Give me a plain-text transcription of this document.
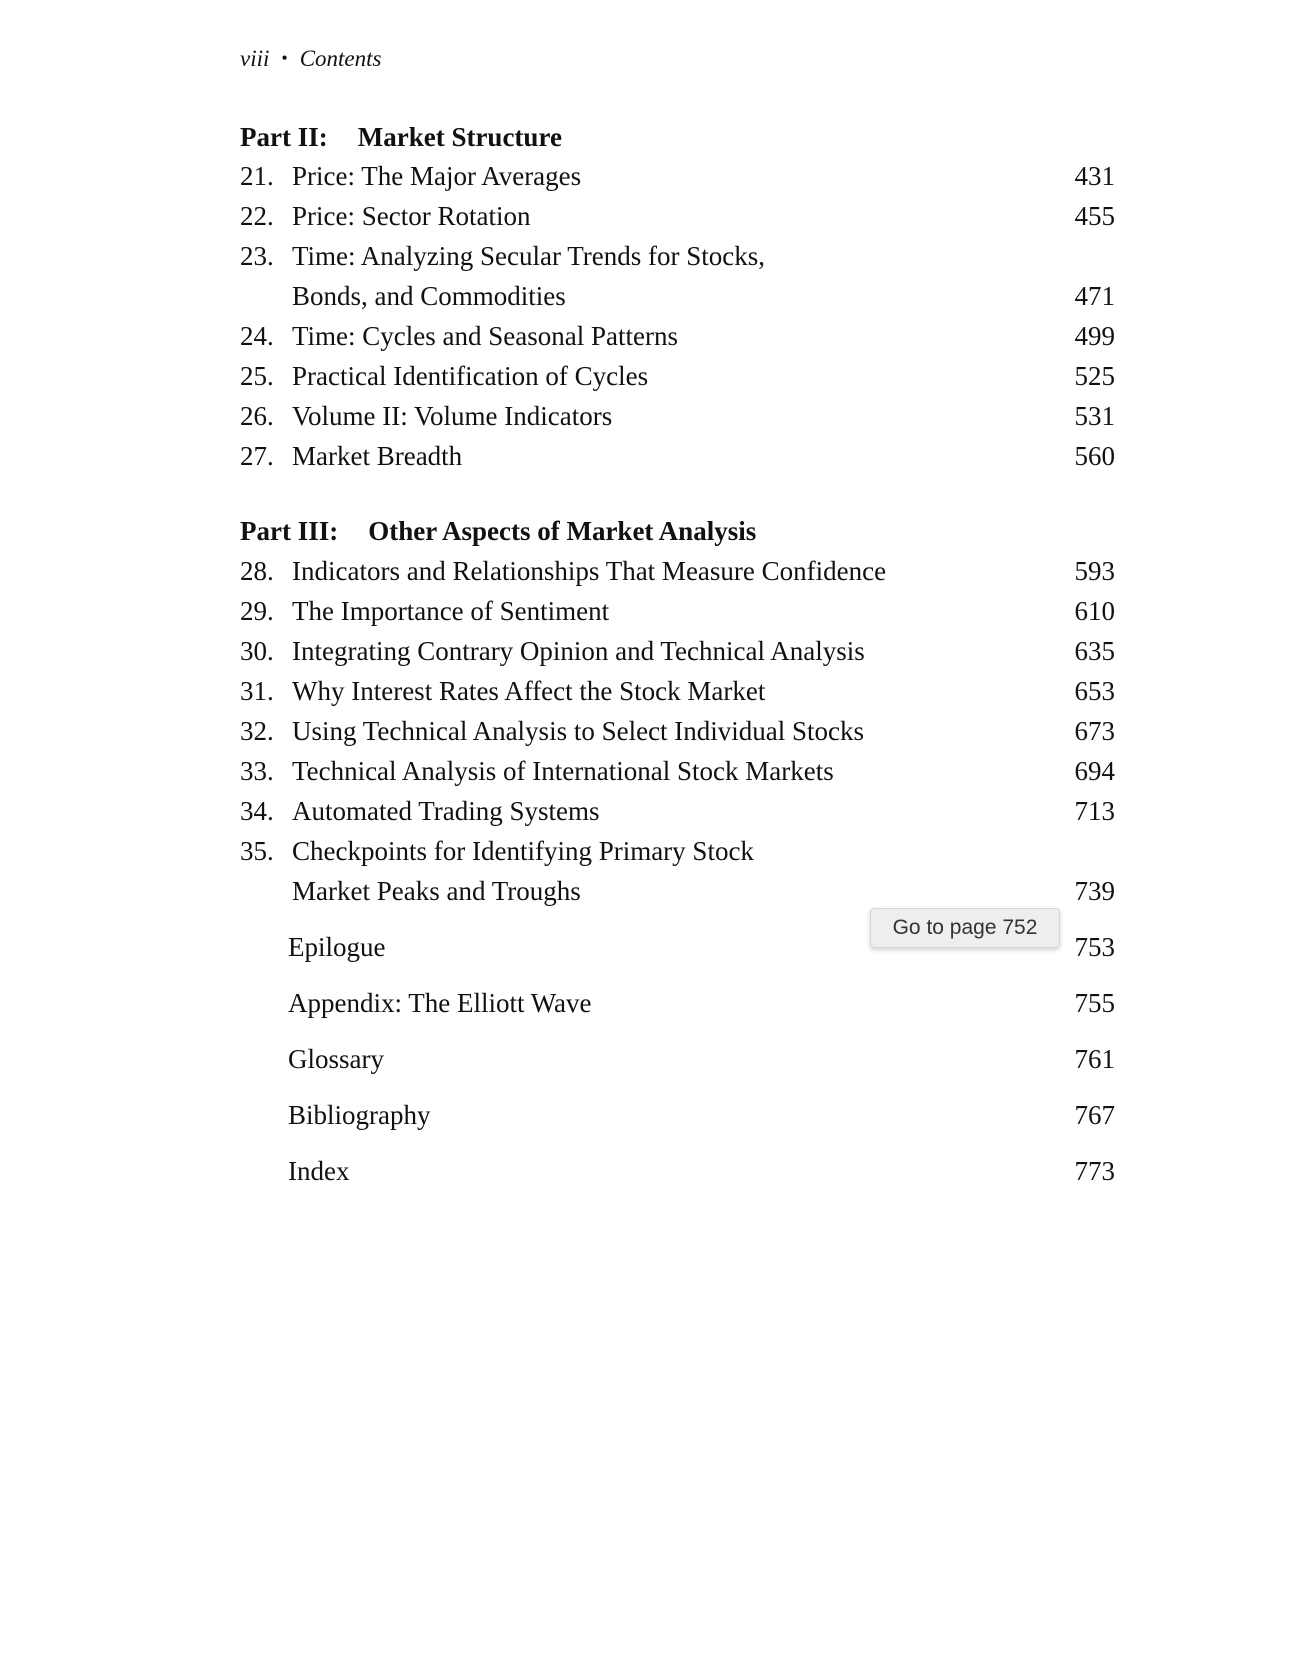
viii • Contents
Part II: Market Structure
21. Price: The Major Averages	431
22. Price: Sector Rotation	455
23. Time: Analyzing Secular Trends for Stocks,
Bonds, and Commodities	471
24. Time: Cycles and Seasonal Patterns	499
25. Practical Identification of Cycles	525
26. Volume II: Volume Indicators	531
27. Market Breadth	560
Part III: Other Aspects of Market Analysis
28. Indicators and Relationships That Measure Confidence	593
29. The Importance of Sentiment	610
30. Integrating Contrary Opinion and Technical Analysis	635
31. Why Interest Rates Affect the Stock Market	653
32. Using Technical Analysis to Select Individual Stocks	673
33. Technical Analysis of International Stock Markets	694
34. Automated Trading Systems	713
35. Checkpoints for Identifying Primary Stock
Market Peaks and Troughs	739
Epilogue	753
Appendix: The Elliott Wave	755
Glossary	761
Bibliography	767
Index	773
Go to page 752
